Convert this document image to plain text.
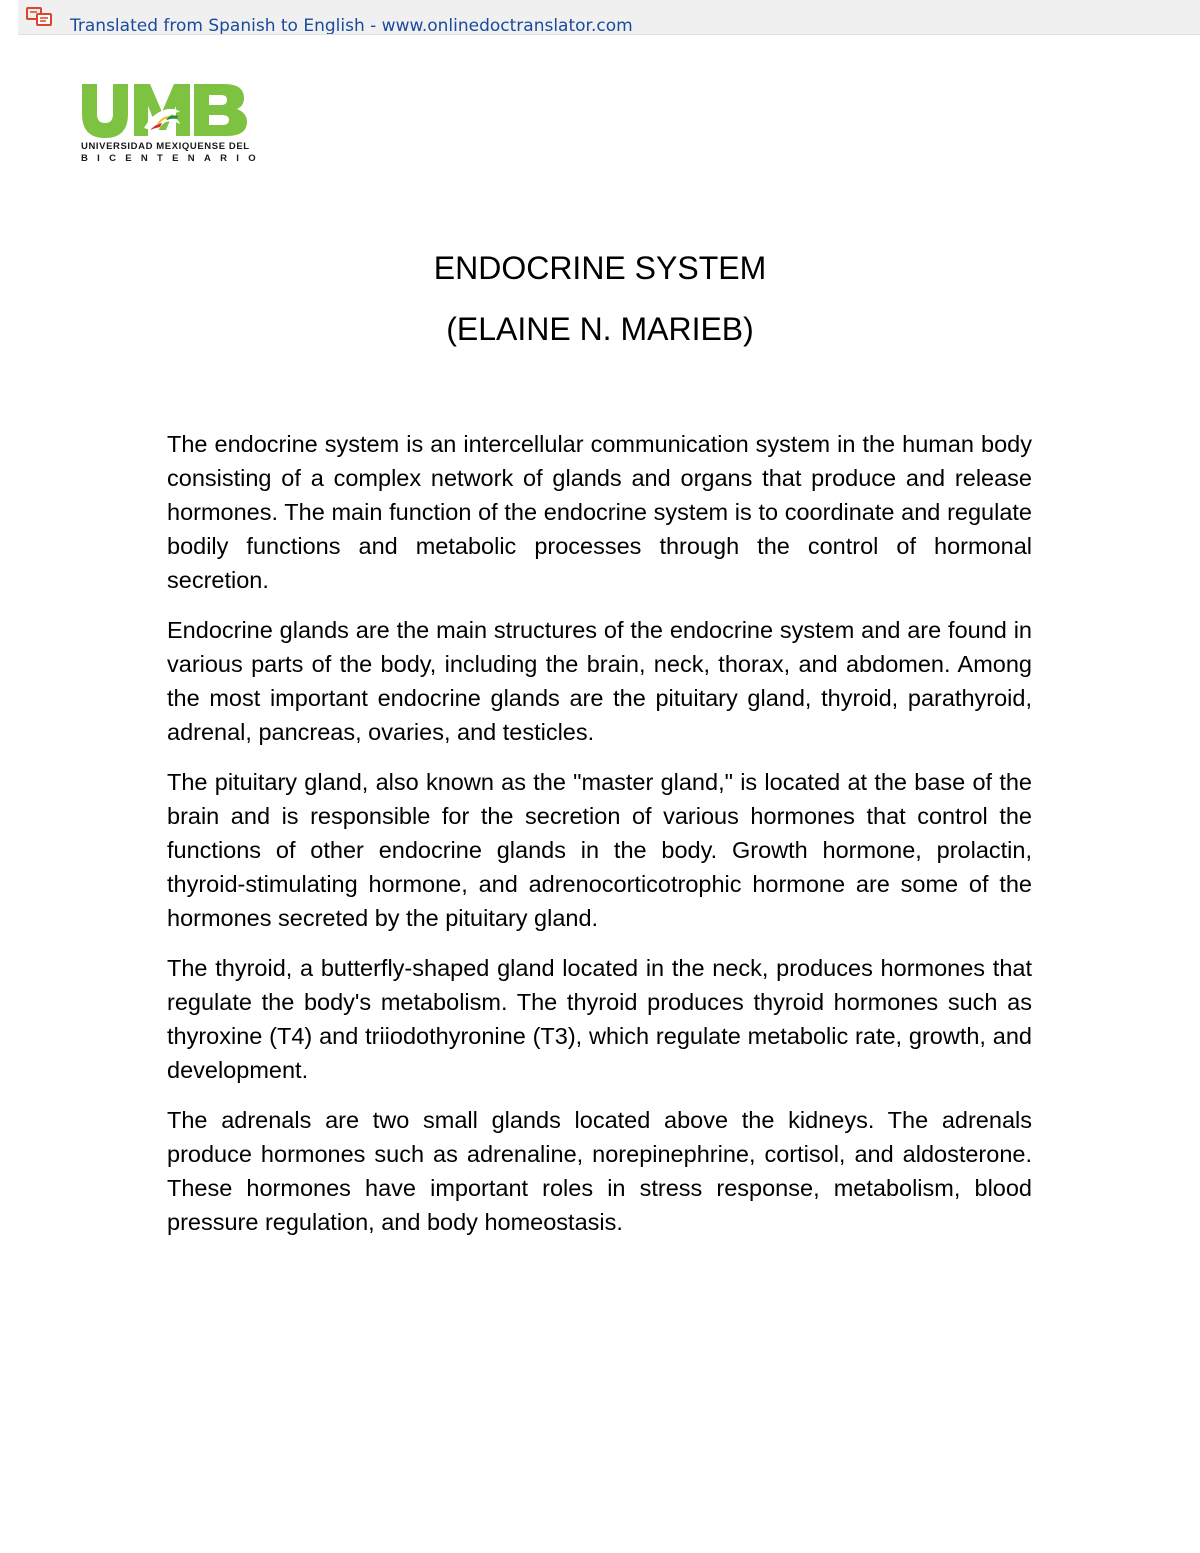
Translated from Spanish to English - www.onlinedoctranslator.com
UNIVERSIDAD MEXIQUENSE DEL
BICENTENARIO
ENDOCRINE SYSTEM
(ELAINE N. MARIEB)

The endocrine system is an intercellular communication system in the human body consisting of a complex network of glands and organs that produce and release hormones. The main function of the endocrine system is to coordinate and regulate bodily functions and metabolic processes through the control of hormonal secretion.

Endocrine glands are the main structures of the endocrine system and are found in various parts of the body, including the brain, neck, thorax, and abdomen. Among the most important endocrine glands are the pituitary gland, thyroid, parathyroid, adrenal, pancreas, ovaries, and testicles.

The pituitary gland, also known as the "master gland," is located at the base of the brain and is responsible for the secretion of various hormones that control the functions of other endocrine glands in the body. Growth hormone, prolactin, thyroid-stimulating hormone, and adrenocorticotrophic hormone are some of the hormones secreted by the pituitary gland.

The thyroid, a butterfly-shaped gland located in the neck, produces hormones that regulate the body's metabolism. The thyroid produces thyroid hormones such as thyroxine (T4) and triiodothyronine (T3), which regulate metabolic rate, growth, and development.

The adrenals are two small glands located above the kidneys. The adrenals produce hormones such as adrenaline, norepinephrine, cortisol, and aldosterone. These hormones have important roles in stress response, metabolism, blood pressure regulation, and body homeostasis.
